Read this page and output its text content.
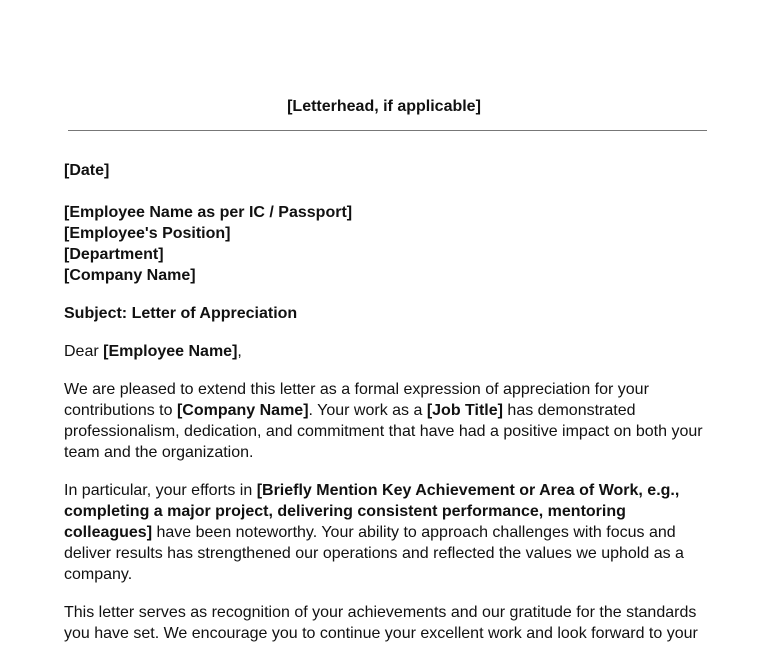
[Letterhead, if applicable]

[Date]

[Employee Name as per IC / Passport]

[Employee's Position]

[Department]

[Company Name]

Subject: Letter of Appreciation

Dear [Employee Name],

We are pleased to extend this letter as a formal expression of appreciation for your contributions to [Company Name]. Your work as a [Job Title] has demonstrated professionalism, dedication, and commitment that have had a positive impact on both your team and the organization.

In particular, your efforts in [Briefly Mention Key Achievement or Area of Work, e.g., completing a major project, delivering consistent performance, mentoring colleagues] have been noteworthy. Your ability to approach challenges with focus and deliver results has strengthened our operations and reflected the values we uphold as a company.

This letter serves as recognition of your achievements and our gratitude for the standards you have set. We encourage you to continue your excellent work and look forward to your
